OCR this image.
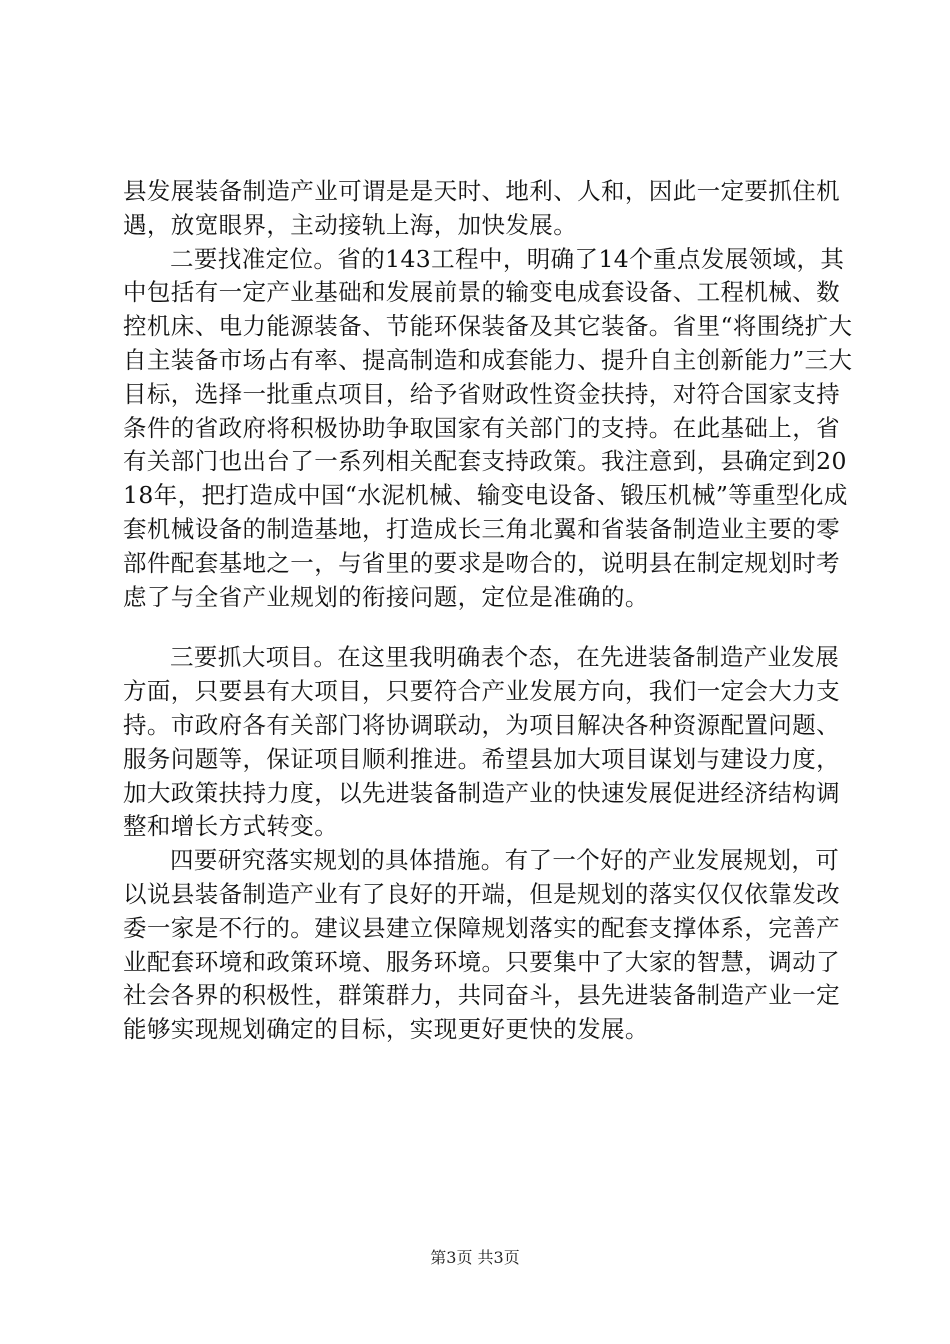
县发展装备制造产业可谓是是天时、地利、人和，因此一定要抓住机遇，放宽眼界，主动接轨上海，加快发展。

二要找准定位。省的143工程中，明确了14个重点发展领域，其中包括有一定产业基础和发展前景的输变电成套设备、工程机械、数控机床、电力能源装备、节能环保装备及其它装备。省里“将围绕扩大自主装备市场占有率、提高制造和成套能力、提升自主创新能力”三大目标，选择一批重点项目，给予省财政性资金扶持，对符合国家支持条件的省政府将积极协助争取国家有关部门的支持。在此基础上，省有关部门也出台了一系列相关配套支持政策。我注意到，县确定到2018年，把打造成中国“水泥机械、输变电设备、锻压机械”等重型化成套机械设备的制造基地，打造成长三角北翼和省装备制造业主要的零部件配套基地之一，与省里的要求是吻合的，说明县在制定规划时考虑了与全省产业规划的衔接问题，定位是准确的。

三要抓大项目。在这里我明确表个态，在先进装备制造产业发展方面，只要县有大项目，只要符合产业发展方向，我们一定会大力支持。市政府各有关部门将协调联动，为项目解决各种资源配置问题、服务问题等，保证项目顺利推进。希望县加大项目谋划与建设力度，加大政策扶持力度，以先进装备制造产业的快速发展促进经济结构调整和增长方式转变。

四要研究落实规划的具体措施。有了一个好的产业发展规划，可以说县装备制造产业有了良好的开端，但是规划的落实仅仅依靠发改委一家是不行的。建议县建立保障规划落实的配套支撑体系，完善产业配套环境和政策环境、服务环境。只要集中了大家的智慧，调动了社会各界的积极性，群策群力，共同奋斗，县先进装备制造产业一定能够实现规划确定的目标，实现更好更快的发展。

第3页 共3页
